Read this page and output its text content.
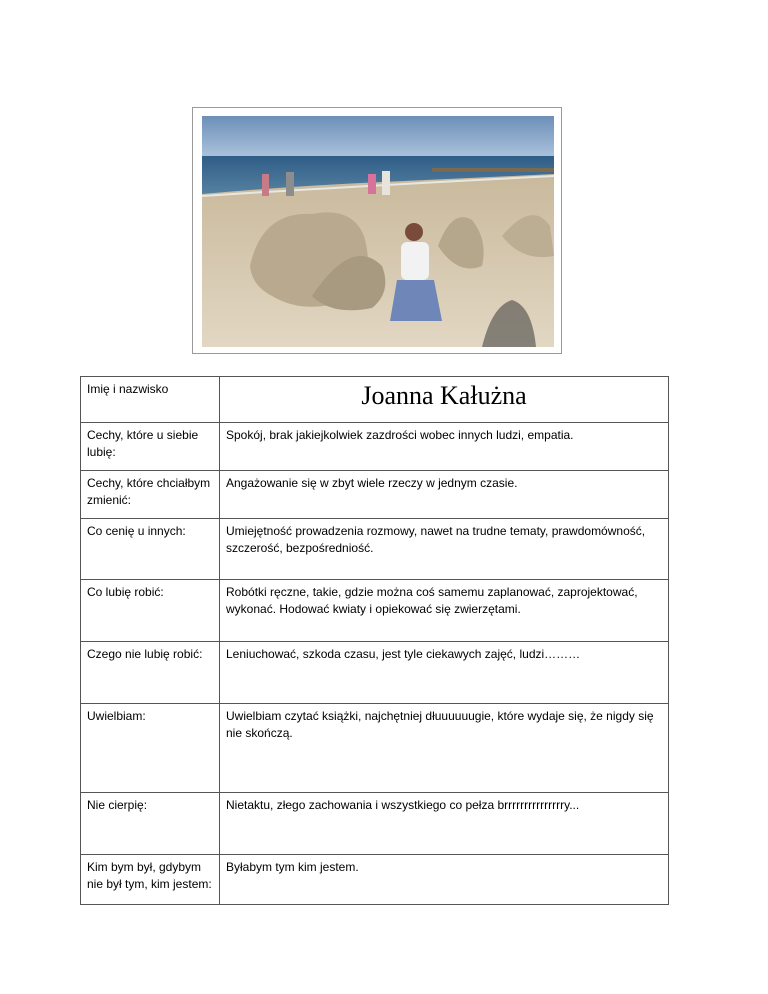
Imię i nazwisko	Joanna Kałużna

Cechy, które u siebie lubię:	Spokój, brak jakiejkolwiek zazdrości wobec innych ludzi, empatia.

Cechy, które chciałbym zmienić:	Angażowanie się w zbyt wiele rzeczy w jednym czasie.

Co cenię u innych:	Umiejętność prowadzenia rozmowy, nawet na trudne tematy, prawdomówność, szczerość, bezpośredniość.

Co lubię robić:	Robótki ręczne, takie, gdzie można coś samemu zaplanować, zaprojektować, wykonać. Hodować kwiaty i opiekować się zwierzętami.

Czego nie lubię robić:	Leniuchować, szkoda czasu, jest tyle ciekawych zajęć, ludzi………

Uwielbiam:	Uwielbiam czytać książki, najchętniej dłuuuuuugie, które wydaje się, że nigdy się nie skończą.

Nie cierpię:	Nietaktu, złego zachowania i wszystkiego co pełza brrrrrrrrrrrrrrry...

Kim bym był, gdybym nie był tym, kim jestem:	Byłabym tym kim jestem.
